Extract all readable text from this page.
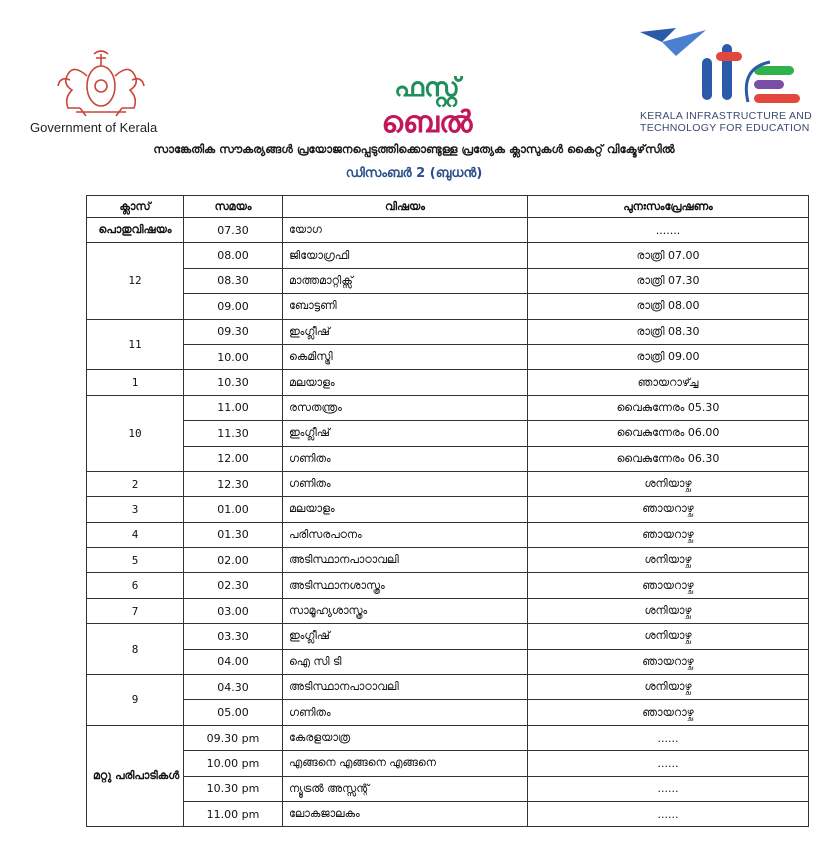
Government of Kerala
ഫസ്റ്റ്
ബെൽ	KERALA INFRASTRUCTURE AND
TECHNOLOGY FOR EDUCATION
സാങ്കേതിക സൗകര്യങ്ങൾ പ്രയോജനപ്പെടുത്തിക്കൊണ്ടുള്ള പ്രത്യേക ക്ലാസുകൾ കൈറ്റ് വിക്ടേഴ്‌സിൽ
ഡിസംബർ 2 (ബുധൻ)
ക്ലാസ്	സമയം	വിഷയം	പുനഃസംപ്രേഷണം
പൊതുവിഷയം	07.30	യോഗ	.......
12	08.00	ജിയോഗ്രഫി	രാത്രി 07.00
	08.30	മാത്തമാറ്റിക്സ്	രാത്രി 07.30
	09.00	ബോട്ടണി	രാത്രി 08.00
11	09.30	ഇംഗ്ലീഷ്	രാത്രി 08.30
	10.00	കെമിസ്ട്രി	രാത്രി 09.00
1	10.30	മലയാളം	ഞായറാഴ്ച്ച
10	11.00	രസതന്ത്രം	വൈകുന്നേരം 05.30
	11.30	ഇംഗ്ലീഷ്	വൈകുന്നേരം 06.00
	12.00	ഗണിതം	വൈകുന്നേരം 06.30
2	12.30	ഗണിതം	ശനിയാഴ്ച
3	01.00	മലയാളം	ഞായറാഴ്ച
4	01.30	പരിസരപഠനം	ഞായറാഴ്ച
5	02.00	അടിസ്ഥാനപാഠാവലി	ശനിയാഴ്ച
6	02.30	അടിസ്ഥാനശാസ്ത്രം	ഞായറാഴ്ച
7	03.00	സാമൂഹ്യശാസ്ത്രം	ശനിയാഴ്ച
8	03.30	ഇംഗ്ലീഷ്	ശനിയാഴ്ച
	04.00	ഐ സി ടി	ഞായറാഴ്ച
9	04.30	അടിസ്ഥാനപാഠാവലി	ശനിയാഴ്ച
	05.00	ഗണിതം	ഞായറാഴ്ച
മറ്റു പരിപാടികൾ	09.30 pm	കേരളയാത്ര	......
	10.00 pm	എങ്ങനെ എങ്ങനെ എങ്ങനെ	......
	10.30 pm	ന്യൂട്രൽ അസ്സന്റ്	......
	11.00 pm	ലോകജാലകം	......
